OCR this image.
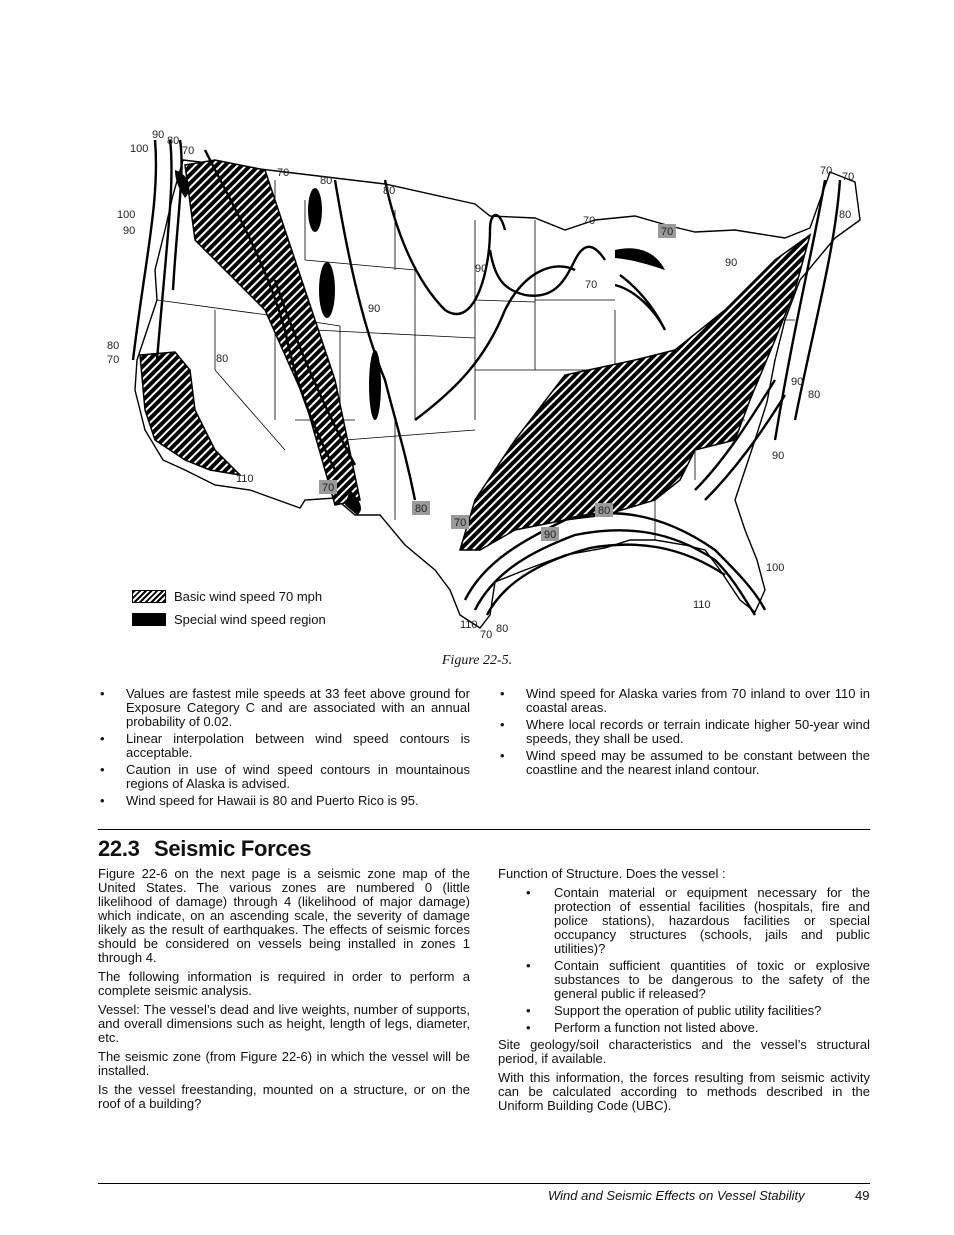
90 80
70
100
70
80
80
100
90
80
70	80
90
90
70
70
90
70 70
80
90
80
90
110
100
110
110
70 80
70
70
80
70
80
90
Basic wind speed 70 mph
Special wind speed region
Figure 22-5.
• Values are fastest mile speeds at 33 feet above ground for Exposure Category C and are associated with an annual probability of 0.02.
• Linear interpolation between wind speed contours is acceptable.
• Caution in use of wind speed contours in mountainous regions of Alaska is advised.
• Wind speed for Hawaii is 80 and Puerto Rico is 95.
• Wind speed for Alaska varies from 70 inland to over 110 in coastal areas.
• Where local records or terrain indicate higher 50-year wind speeds, they shall be used.
• Wind speed may be assumed to be constant between the coastline and the nearest inland contour.
22.3 Seismic Forces

Figure 22-6 on the next page is a seismic zone map of the United States. The various zones are numbered 0 (little likelihood of damage) through 4 (likelihood of major damage) which indicate, on an ascending scale, the severity of damage likely as the result of earthquakes. The effects of seismic forces should be considered on vessels being installed in zones 1 through 4.

The following information is required in order to perform a complete seismic analysis.

Vessel: The vessel’s dead and live weights, number of supports, and overall dimensions such as height, length of legs, diameter, etc.

The seismic zone (from Figure 22-6) in which the vessel will be installed.

Is the vessel freestanding, mounted on a structure, or on the roof of a building?

Function of Structure. Does the vessel :

• Contain material or equipment necessary for the protection of essential facilities (hospitals, fire and police stations), hazardous facilities or special occupancy structures (schools, jails and public utilities)?
• Contain sufficient quantities of toxic or explosive substances to be dangerous to the safety of the general public if released?
• Support the operation of public utility facilities?
• Perform a function not listed above.

Site geology/soil characteristics and the vessel’s structural period, if available.

With this information, the forces resulting from seismic activity can be calculated according to methods described in the Uniform Building Code (UBC).

Wind and Seismic Effects on Vessel Stability	49
